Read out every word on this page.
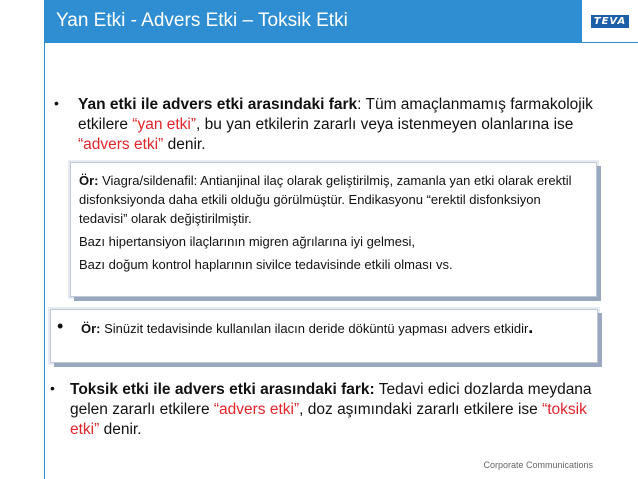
Yan Etki - Advers Etki – Toksik Etki	TEVA
•	Yan etki ile advers etki arasındaki fark: Tüm amaçlanmamış farmakolojik etkilere “yan etki”, bu yan etkilerin zararlı veya istenmeyen olanlarına ise “advers etki” denir.

Ör: Viagra/sildenafil: Antianjinal ilaç olarak geliştirilmiş, zamanla yan etki olarak erektil disfonksiyonda daha etkili olduğu görülmüştür. Endikasyonu “erektil disfonksiyon tedavisi” olarak değiştirilmiştir.

Bazı hipertansiyon ilaçlarının migren ağrılarına iyi gelmesi,

Bazı doğum kontrol haplarının sivilce tedavisinde etkili olması vs.

•	Ör: Sinüzit tedavisinde kullanılan ilacın deride döküntü yapması advers etkidir.
• Toksik etki ile advers etki arasındaki fark: Tedavi edici dozlarda meydana gelen zararlı etkilere “advers etki”, doz aşımındaki zararlı etkilere ise “toksik etki” denir.
Corporate Communications
